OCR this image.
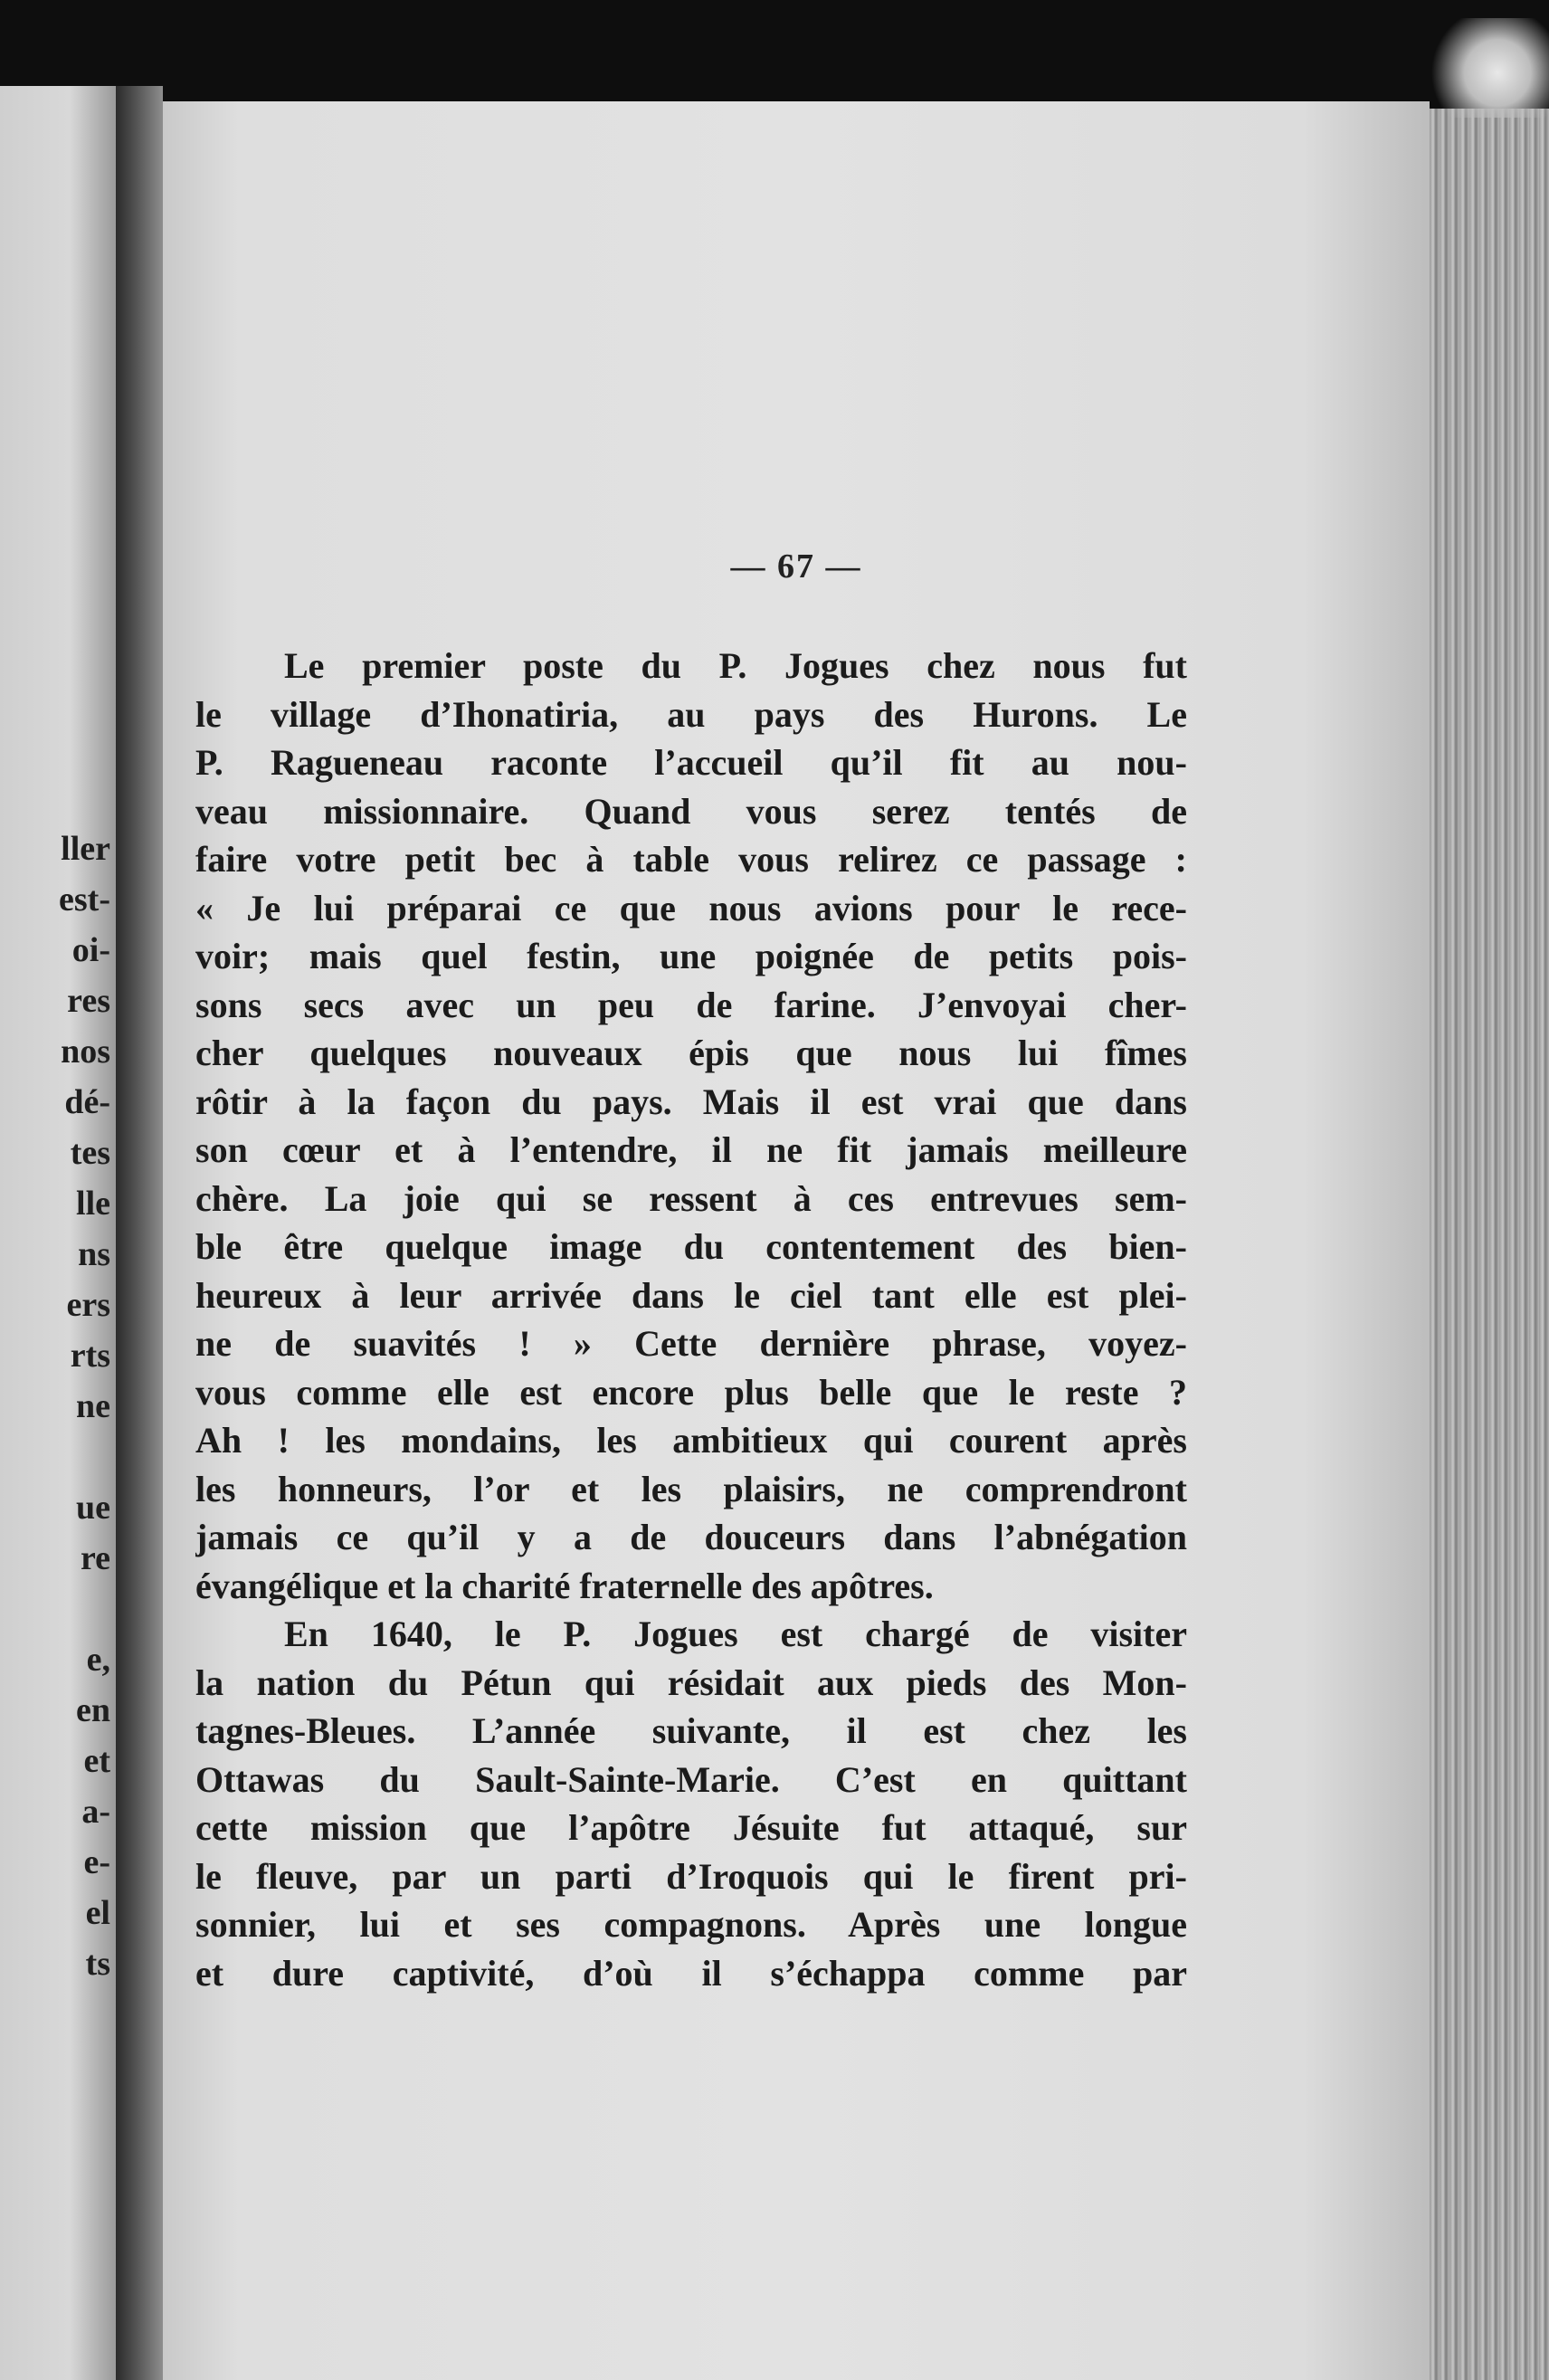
ller
est-
oi-
res
nos
dé-
tes
lle
ns
ers
rts
ne
ue
re
e,
en
et
a-
e-
el
ts
— 67 —
Le premier poste du P. Jogues chez nous fut
le village d’Ihonatiria, au pays des Hurons. Le
P. Ragueneau raconte l’accueil qu’il fit au nou-
veau missionnaire. Quand vous serez tentés de
faire votre petit bec à table vous relirez ce passage :
« Je lui préparai ce que nous avions pour le rece-
voir; mais quel festin, une poignée de petits pois-
sons secs avec un peu de farine. J’envoyai cher-
cher quelques nouveaux épis que nous lui fîmes
rôtir à la façon du pays. Mais il est vrai que dans
son cœur et à l’entendre, il ne fit jamais meilleure
chère. La joie qui se ressent à ces entrevues sem-
ble être quelque image du contentement des bien-
heureux à leur arrivée dans le ciel tant elle est plei-
ne de suavités ! » Cette dernière phrase, voyez-
vous comme elle est encore plus belle que le reste ?
Ah ! les mondains, les ambitieux qui courent après
les honneurs, l’or et les plaisirs, ne comprendront
jamais ce qu’il y a de douceurs dans l’abnégation
évangélique et la charité fraternelle des apôtres.
En 1640, le P. Jogues est chargé de visiter
la nation du Pétun qui résidait aux pieds des Mon-
tagnes-Bleues. L’année suivante, il est chez les
Ottawas du Sault-Sainte-Marie. C’est en quittant
cette mission que l’apôtre Jésuite fut attaqué, sur
le fleuve, par un parti d’Iroquois qui le firent pri-
sonnier, lui et ses compagnons. Après une longue
et dure captivité, d’où il s’échappa comme par
